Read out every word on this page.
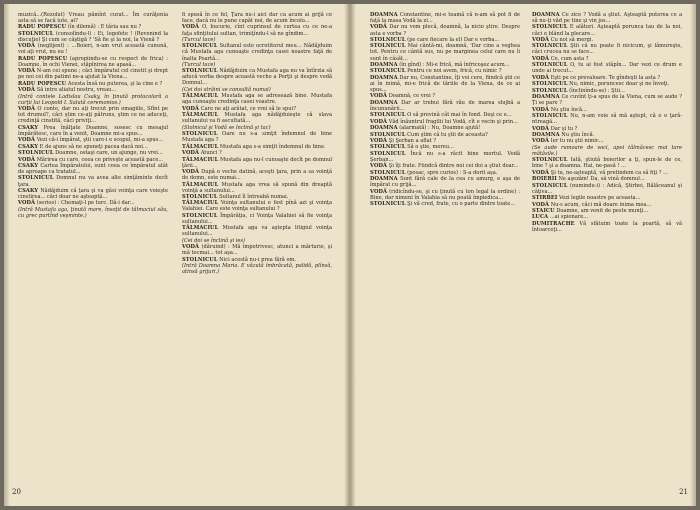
muzică...(Rezolut) Vreau pămînt curat... Îm curăţenia asta să se facă iute, ai?

RADU POPESCU (în dilemă) : E tăria sau nu ?

STOLNICUL (consolîndu-l) : Ei, logofete ! (Revenind la discuţie) Şi cum se câştigă ? 'Să fie şi la noi, la Vienă ?

VODĂ (neglijent) : ...Boieri, n-am vrut această cunună, voi aţi vrut, nu eu !

RADU POPESCU (apropiindu-se cu respect de frica) : Doamne, în ochi Vienei, stăpînirea ne apasă...

VODĂ N-am cei spune ; căci împăratul cel cinstit şi drept pe noi cei din patimi ne-a ajutat la Viena...

RADU POPESCU Acesta însă nu puterea, şi la cine e ?

VODĂ Să intre aliatul nostru, vreau...

(Intră contele Ladislau Csaky, în ţinută protocolară a curţii lui Leopold I. Salută ceremonios.)

VODĂ O conte, dar nu aţi trecut prin omagiile, Sfînt pe tot drumul?, căci ştim ce-aţi pătruns, ştim ce ne aduceţi, credinţă cinstită, căci priviţi...

CSAKY Prea înălţate Doamne, sosesc cu mesajul împărătesc, care în a venit, Doamne mi-a spus...

VODĂ Vezi că-i împărat, ştii care-i e scopul, mi-a spus...

CSAKY E de ajuns să ne spuneţi pacea dacă noi...

STOLNICUL Doamne, ostaşi care, un ajunge, nu vrei...

VODĂ Mărirea cu care, ceea ce priveşte această pace...

CSAKY Cartea Împăratului, sunt ceea ce împăratul atât de aproape ca tratatul...

STOLNICUL Domnul nu va avea alte simţăminte decît ţara.

CSAKY Nădăjduim că ţara şi va găsi voinţa care voieşte cinstirea... căci doar ne aşteaptă...

VODĂ (serios) : Chemaţi-l pe turc. Dă-i dar...

(Intră Mustafa aga, ţinută mare, însoţit de tălmaciul său, cu grec purtînd veşminte.)

fi spusă în ce fel, Ţara nu-i aici dar ca acum ai grijă ce face, dacă nu le pune capăt noi, de acum încolo...

VODĂ O, bucurie, cînt cuprinsul de curtea cu ce ne-a faţa sfinţitului sultan, trimiţîndu-l să ne gîndim...

(Turcul tace)

STOLNICUL Sultanul este ocrotitorul meu... Nădăjduim că Mustafa aga cunoaşte credinţa casei noastre faţă de înalta Poartă...

(Turcul tace)

STOLNICUL Nădăjduim ca Mustafa aga nu va întîrzia să aducă vorba despre această veche a Porţii şi despre vodă Domnul...

(Cei doi străini se consultă numai)

TĂLMACIUL Mustafa aga se adresează bine. Mustafa aga cunoaşte credinţa casei voastre.

VODĂ Care ne aţi arătat, ce vrei să le spui?

TĂLMACIUL Mustafa aga nădăjduieşte că slava sultanului va fi ascultată...

(Stolnicul şi Vodă se înclină şi tac)

STOLNICUL Oare nu s-a simţit îndemnul de bine Mustafa aga ?

TĂLMACIUL Mustafa aga s-a simţit îndemnul de bine.

VODĂ Atunci ?

TĂLMACIUL Mustafa aga nu-l cunoaşte decît pe domnul ţării...

VODĂ După o veche datină, aceşti ţara, prin a sa voinţă de domn, este numai...

TĂLMACIUL Mustafa aga vrea să spună din dreaptă voinţă a sultanului...

STOLNICUL Sultanul îl întreabă numai.

TĂLMACIUL Voinţa sultanului e fost pînă azi şi voinţa Valahiei. Care este voinţa sultanului ?

STOLNICUL Împărăţia, ci Voinţa Valahiei să fie voinţa sultanului...

TĂLMACIUL Mustafa aga va aştepta litigiul voinţa sultanului...

(Cei doi se înclină şi ies)

VODĂ (dăruind) : Mă împotrivesc, atunci a mărturie, şi mă tocmai... tot aşa...

STOLNICUL Nici acestă nu-i prea fără om.

(Intră Doamna Maria. E văzută îmbrăcată, palidă, plînsă, atinsă grijuri.)

20

DOAMNA Constantine, mi-e teamă că n-am să pot fi de faţă la masa Vodă la zi...

VODĂ Dar nu vom plecă, doamnă, la nicio ştire. Despre asta e vorba ?

STOLNICUL (pe care fiecare la el) Dar e vorba...

STOLNICUL Mai cântă-mi, doamnă, 'Dar cine a veghea tot. Pentru ce cântă sus, nu pe marginea celui care nu îi sunt în căsăt...

DOAMNA (în gînd) : Mi-e frică, mă înfricoşez acum...

STOLNICUL Pentru ce noi avem, frică, cu nimic ?

DOAMNA Dar nu, Constantine, îţi voi cere, fiindcă ştii ce ai în inimă, mi-e frică de tăriile de la Viena, de ce ai spus...

VODĂ Doamnă, ce vrei ?

DOAMNA Dar ar trebui fără rău de marea slujbă a încununării...

STOLNICUL O să prevină cât mai în fond. Deşi ce e...

VODĂ Văd înăuntrul fragilii lui Vodă, cît e vecin şi prin...

DOAMNA (alarmată) : Nu, Doamne ajută!

STOLNICUL Cum ştim că tu ştii de aceasta?

VODĂ Şi Şerban a aflat ?

STOLNICUL Să o ştie, mereu...

STOLNICUL Încă nu s-a răcit bine mortul. Vodă Şerban...

VODĂ Şi îţi frate. Fiindcă dintre noi cei doi a ştiut doar...

STOLNICUL (posac, spre curios) : S-a dorit aşa.

DOAMNA Sunt fără cale de la cea cu amurg, e aşa de împărat cu grijă...

VODĂ (ridicîndu-se, şi cu ţinută cu ton legal la ordine) : Bine, dar nimeni în Valahia să nu poată împiedica...

STOLNICUL Şi vă cred, frate, cu o parte dintre toate...

DOAMNA Ce zice ? Vodă a ştiut. Aşteaptă puterea ce a să nu-ţi văd pe tine şi vin jos...

STOLNICUL E alături. Aşteaptă porunca tau de la noi, căci e blând la plecare...

VODĂ Cu noi să mergi.

STOLNICUL Ştii că nu poate fi nicicum, şi lămureşte, căci crucea nu se face...

VODĂ Ce, cum asta ?

STOLNICUL O, tu ai fost stăpîn... Dar vezi ce drum e unde ai trecut...

VODĂ Eşti pe ce prevaloare. Te gîndeşti la asta ?

STOLNICUL Nu, nimic, poruncesc doar şi ne înveţi.

STOLNICUL (înclinîndu-se) : Ştii...

DOAMNA Ce cuvînt ţi-a spus de la Viena, cum se aude ? Ţi se pare ?

VODĂ Nu ştiu încă...

STOLNICUL Nu, n-am voie să mă aştept, că e o ţară-ntreagă...

VODĂ Dar şi tu ?

DOAMNA Nu ştiu încă.

VODĂ Ier tu nu ştii nimic...

(Se aude rumoare de voci, apoi tălmăcesc mai tare mătăsile.)

STOLNICUL Iată, ştiută boierilor a ţi, spun-le de ce, bine ? şi a doamna. Hai, ne-pasă ! ...

VODĂ Şi tu, ne-aşteaptă, vă pretindem ca să fiţi ? ...

BOIERII Ne aşezăm! Da, să vină domnul...

STOLNICUL (numindu-i) : Adică, Ştirbei, Bălăceanul şi câţiva...

STIRBEI Vezi legile noastre pe aceasta...

VODĂ Nu-s acum, căci mă doare inima mea...

STAICU Doamne, am venit de peste munţi...

LUCA ...ai spionare...

DUMITRACHE Vă sfătuim toate la poartă, să vă întoarceţi...

21
